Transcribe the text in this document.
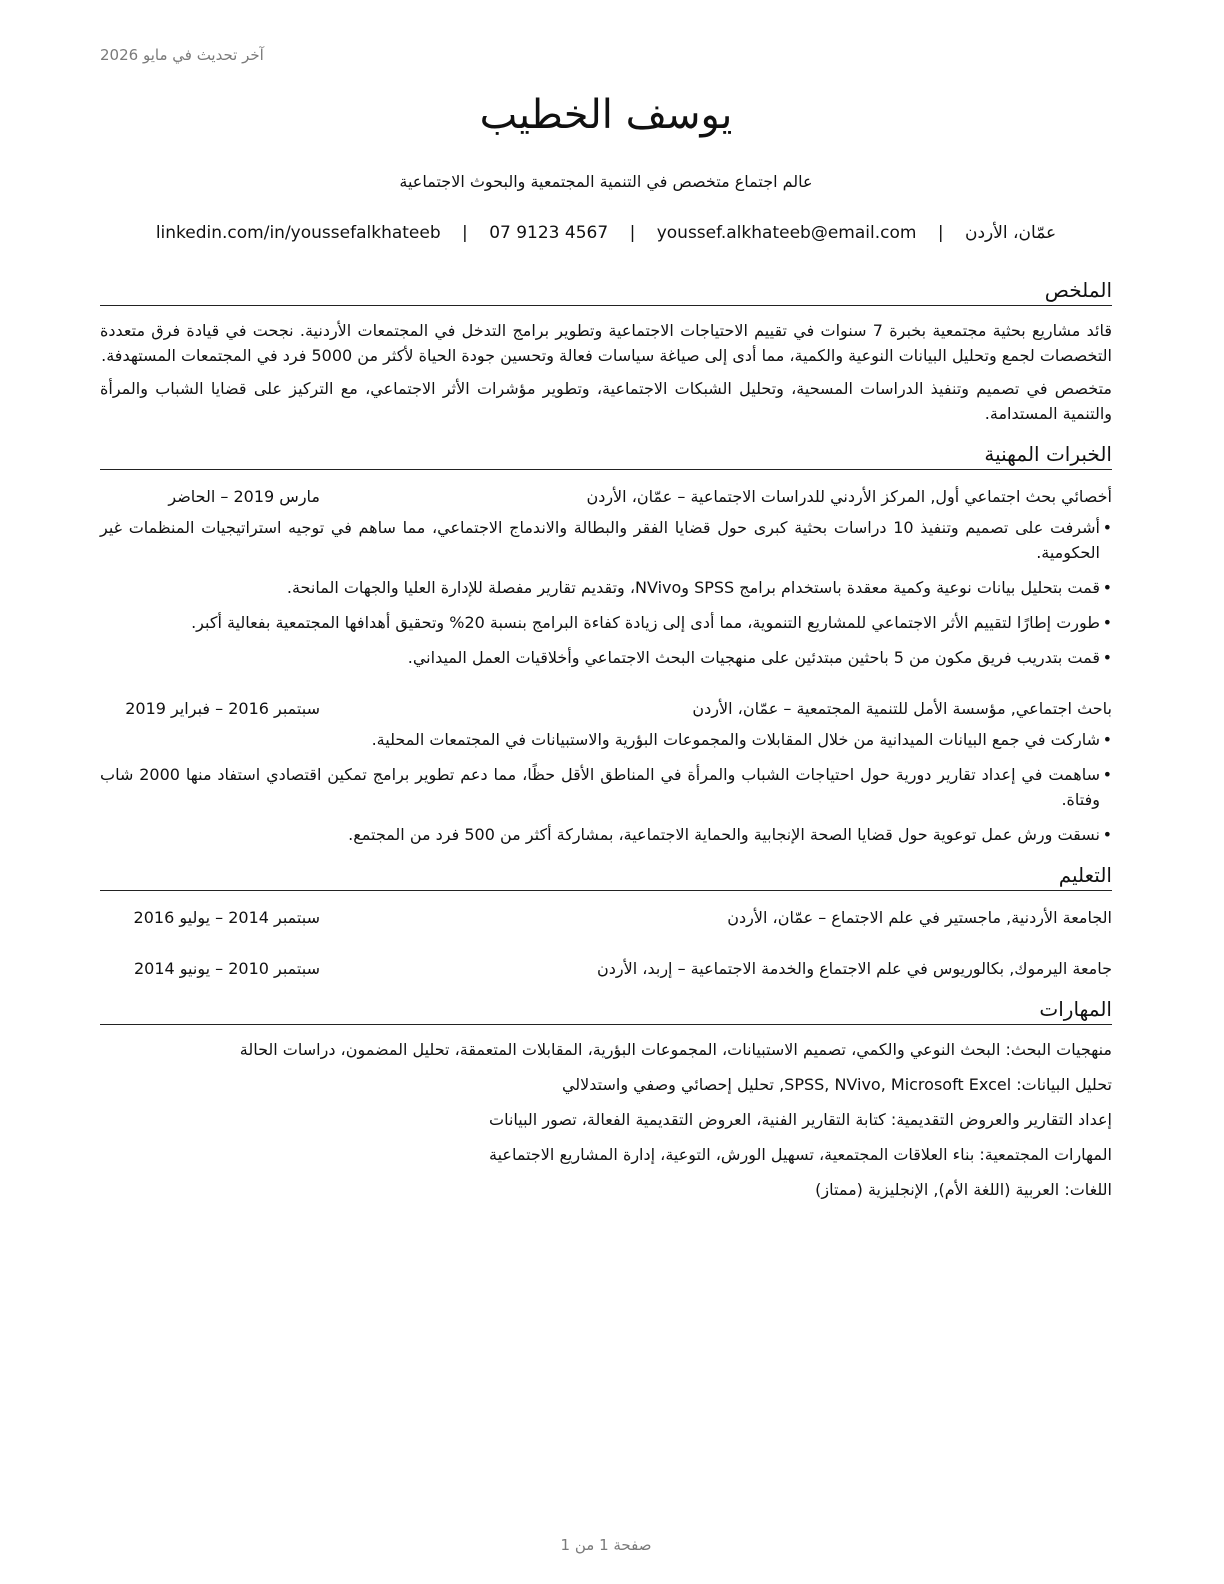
آخر تحديث في مايو 2026
يوسف الخطيب
عالم اجتماع متخصص في التنمية المجتمعية والبحوث الاجتماعية
عمّان، الأردن | youssef.alkhateeb@email.com | 07 9123 4567 | linkedin.com/in/youssefalkhateeb
الملخص

قائد مشاريع بحثية مجتمعية بخبرة 7 سنوات في تقييم الاحتياجات الاجتماعية وتطوير برامج التدخل في المجتمعات الأردنية. نجحت في قيادة فرق متعددة التخصصات لجمع وتحليل البيانات النوعية والكمية، مما أدى إلى صياغة سياسات فعالة وتحسين جودة الحياة لأكثر من 5000 فرد في المجتمعات المستهدفة.

متخصص في تصميم وتنفيذ الدراسات المسحية، وتحليل الشبكات الاجتماعية، وتطوير مؤشرات الأثر الاجتماعي، مع التركيز على قضايا الشباب والمرأة والتنمية المستدامة.

الخبرات المهنية
أخصائي بحث اجتماعي أول, المركز الأردني للدراسات الاجتماعية – عمّان، الأردن
مارس 2019 – الحاضر
• أشرفت على تصميم وتنفيذ 10 دراسات بحثية كبرى حول قضايا الفقر والبطالة والاندماج الاجتماعي، مما ساهم في توجيه استراتيجيات المنظمات غير الحكومية.
• قمت بتحليل بيانات نوعية وكمية معقدة باستخدام برامج SPSS وNVivo، وتقديم تقارير مفصلة للإدارة العليا والجهات المانحة.
• طورت إطارًا لتقييم الأثر الاجتماعي للمشاريع التنموية، مما أدى إلى زيادة كفاءة البرامج بنسبة 20% وتحقيق أهدافها المجتمعية بفعالية أكبر.
• قمت بتدريب فريق مكون من 5 باحثين مبتدئين على منهجيات البحث الاجتماعي وأخلاقيات العمل الميداني.
باحث اجتماعي, مؤسسة الأمل للتنمية المجتمعية – عمّان، الأردن
سبتمبر 2016 – فبراير 2019
• شاركت في جمع البيانات الميدانية من خلال المقابلات والمجموعات البؤرية والاستبيانات في المجتمعات المحلية.
• ساهمت في إعداد تقارير دورية حول احتياجات الشباب والمرأة في المناطق الأقل حظًا، مما دعم تطوير برامج تمكين اقتصادي استفاد منها 2000 شاب وفتاة.
• نسقت ورش عمل توعوية حول قضايا الصحة الإنجابية والحماية الاجتماعية، بمشاركة أكثر من 500 فرد من المجتمع.
التعليم
الجامعة الأردنية, ماجستير في علم الاجتماع – عمّان، الأردن
سبتمبر 2014 – يوليو 2016
جامعة اليرموك, بكالوريوس في علم الاجتماع والخدمة الاجتماعية – إربد، الأردن
سبتمبر 2010 – يونيو 2014
المهارات

منهجيات البحث: البحث النوعي والكمي، تصميم الاستبيانات، المجموعات البؤرية، المقابلات المتعمقة، تحليل المضمون، دراسات الحالة

تحليل البيانات: SPSS, NVivo, Microsoft Excel, تحليل إحصائي وصفي واستدلالي

إعداد التقارير والعروض التقديمية: كتابة التقارير الفنية، العروض التقديمية الفعالة، تصور البيانات

المهارات المجتمعية: بناء العلاقات المجتمعية، تسهيل الورش، التوعية، إدارة المشاريع الاجتماعية

اللغات: العربية (اللغة الأم), الإنجليزية (ممتاز)

صفحة 1 من 1
